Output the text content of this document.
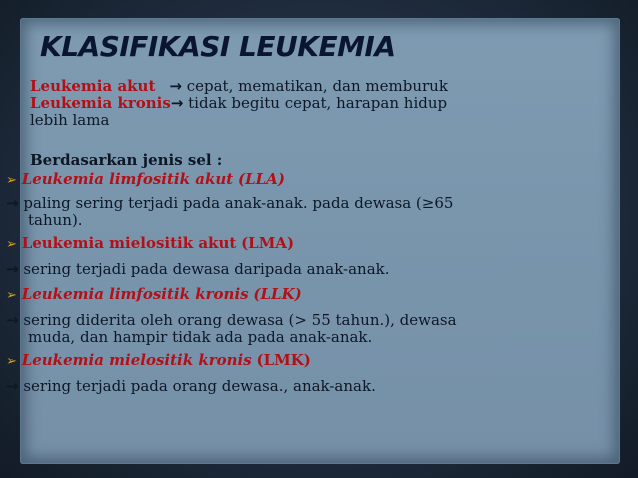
KLASIFIKASI LEUKEMIA

Leukemia akut → cepat, mematikan, dan memburuk

Leukemia kronis→ tidak begitu cepat, harapan hidup
lebih lama

Berdasarkan jenis sel :

➢ Leukemia limfositik akut (LLA)

→ paling sering terjadi pada anak-anak. pada dewasa (≥65
tahun).

➢ Leukemia mielositik akut (LMA)

→ sering terjadi pada dewasa daripada anak-anak.

➢ Leukemia limfositik kronis (LLK)

→ sering diderita oleh orang dewasa (> 55 tahun.), dewasa
muda, dan hampir tidak ada pada anak-anak.

➢ Leukemia mielositik kronis (LMK)

→ sering terjadi pada orang dewasa., anak-anak.
